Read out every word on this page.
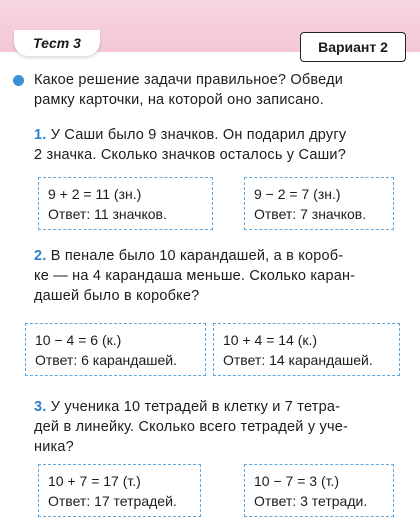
Тест 3	Вариант 2
Какое решение задачи правильное? Обведи
рамку карточки, на которой оно записано.
1. У Саши было 9 значков. Он подарил другу
2 значка. Сколько значков осталось у Саши?
9 + 2 = 11 (зн.)
Ответ: 11 значков.
9 − 2 = 7 (зн.)
Ответ: 7 значков.
2. В пенале было 10 карандашей, а в короб-
ке — на 4 карандаша меньше. Сколько каран-
дашей было в коробке?
10 − 4 = 6 (к.)
Ответ: 6 карандашей.
10 + 4 = 14 (к.)
Ответ: 14 карандашей.
3. У ученика 10 тетрадей в клетку и 7 тетра-
дей в линейку. Сколько всего тетрадей у уче-
ника?
10 + 7 = 17 (т.)
Ответ: 17 тетрадей.
10 − 7 = 3 (т.)
Ответ: 3 тетради.
